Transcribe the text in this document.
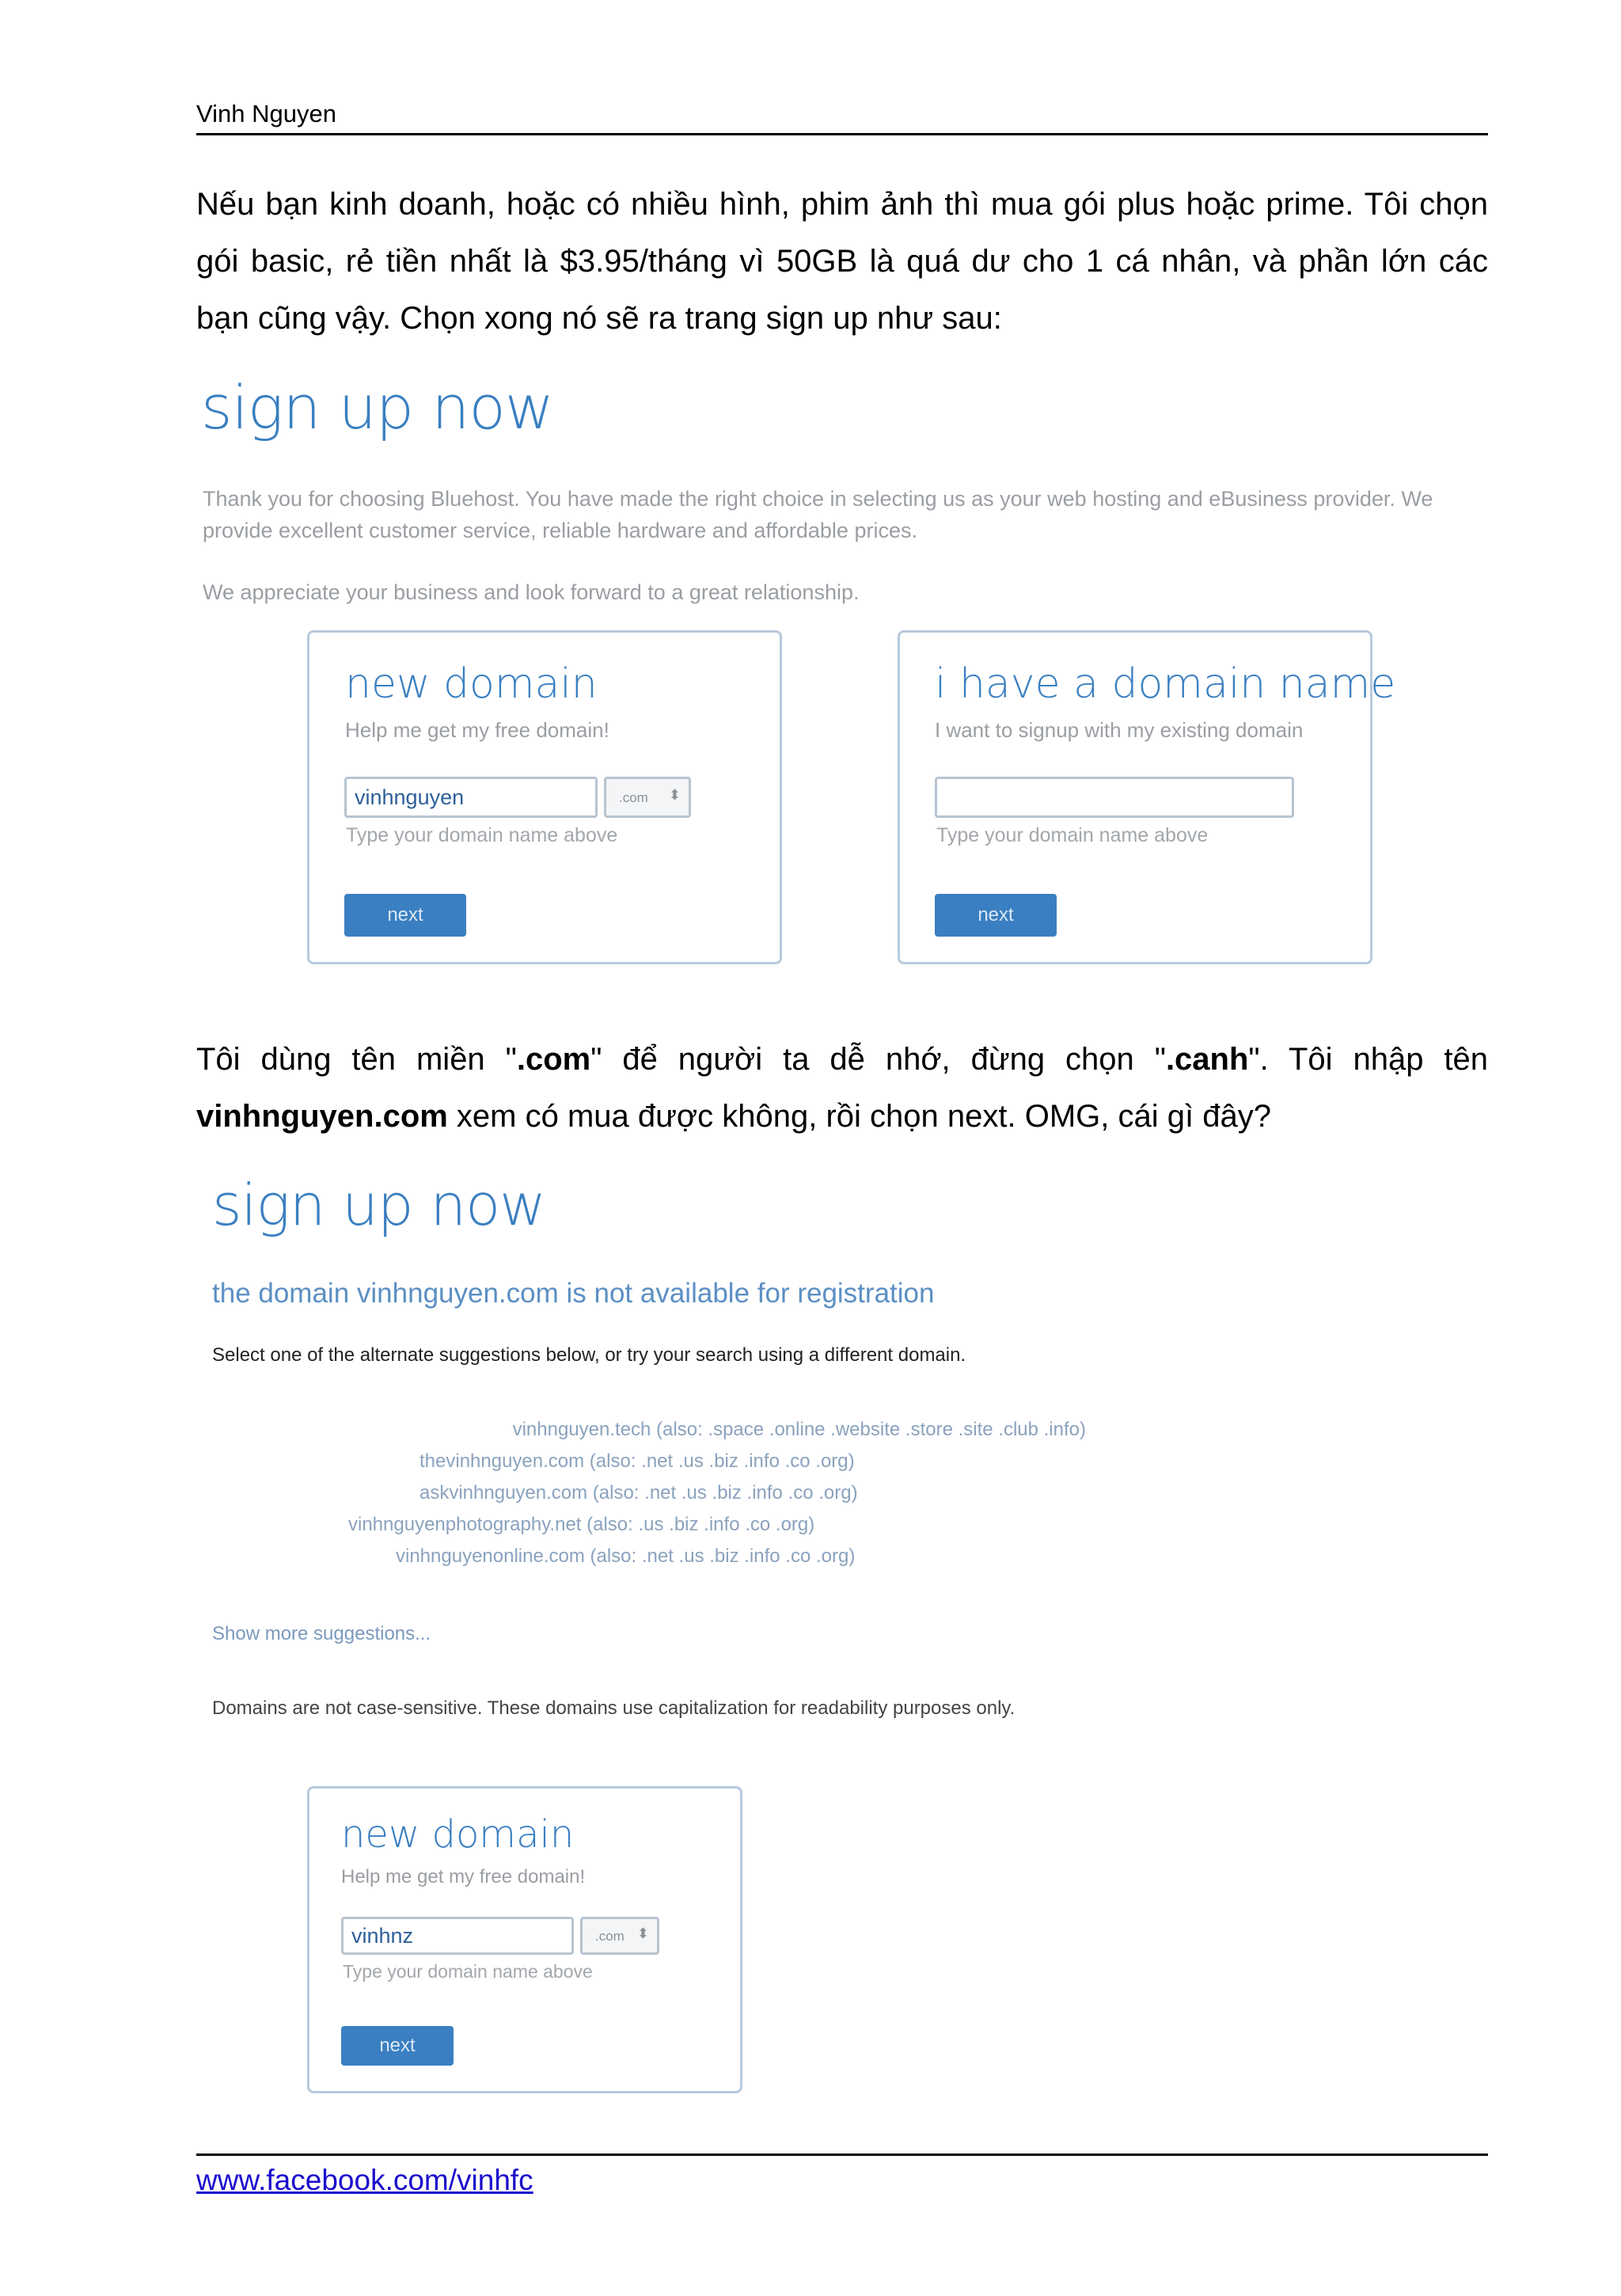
Vinh Nguyen
Nếu bạn kinh doanh, hoặc có nhiều hình, phim ảnh thì mua gói plus hoặc prime. Tôi chọn
gói basic, rẻ tiền nhất là $3.95/tháng vì 50GB là quá dư cho 1 cá nhân, và phần lớn các
bạn cũng vậy. Chọn xong nó sẽ ra trang sign up như sau:
sign up now
Thank you for choosing Bluehost. You have made the right choice in selecting us as your web hosting and eBusiness provider. We provide excellent customer service, reliable hardware and affordable prices.
We appreciate your business and look forward to a great relationship.
new domain
Help me get my free domain!
vinhnguyen	.com ⬍
Type your domain name above
next
i have a domain name
I want to signup with my existing domain
Type your domain name above
next
Tôi dùng tên miền ".com" để người ta dễ nhớ, đừng chọn ".canh". Tôi nhập tên
vinhnguyen.com xem có mua được không, rồi chọn next. OMG, cái gì đây?
sign up now
the domain vinhnguyen.com is not available for registration
Select one of the alternate suggestions below, or try your search using a different domain.
vinhnguyen.tech (also: .space .online .website .store .site .club .info)
thevinhnguyen.com (also: .net .us .biz .info .co .org)
askvinhnguyen.com (also: .net .us .biz .info .co .org)
vinhnguyenphotography.net (also: .us .biz .info .co .org)
vinhnguyenonline.com (also: .net .us .biz .info .co .org)
Show more suggestions...
Domains are not case-sensitive. These domains use capitalization for readability purposes only.
new domain
Help me get my free domain!
vinhnz	.com ⬍
Type your domain name above
next
www.facebook.com/vinhfc
